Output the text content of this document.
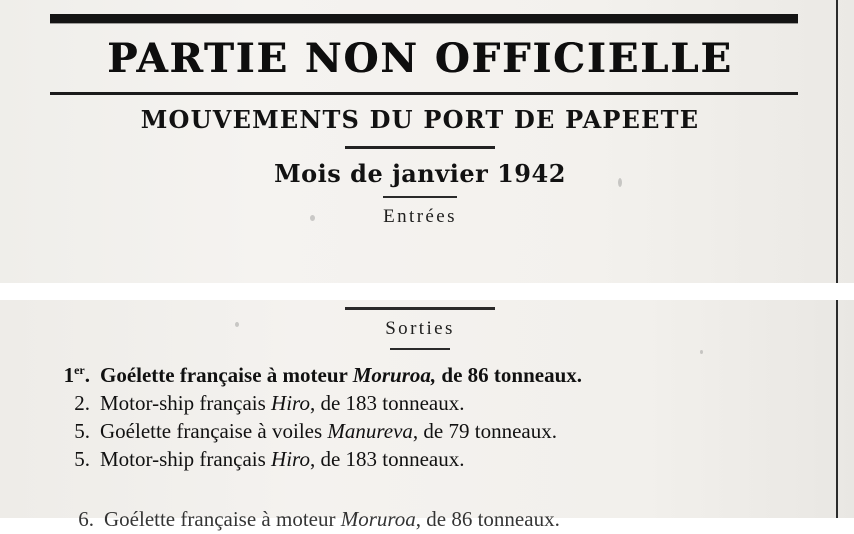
PARTIE NON OFFICIELLE
MOUVEMENTS DU PORT DE PAPEETE
Mois de janvier 1942

Entrées

Sorties

1er. Goélette française à moteur Moruroa, de 86 tonneaux.
2. Motor-ship français Hiro, de 183 tonneaux.
5. Goélette française à voiles Manureva, de 79 tonneaux.
5. Motor-ship français Hiro, de 183 tonneaux.
6. Goélette française à moteur Moruroa, de 86 tonneaux.
